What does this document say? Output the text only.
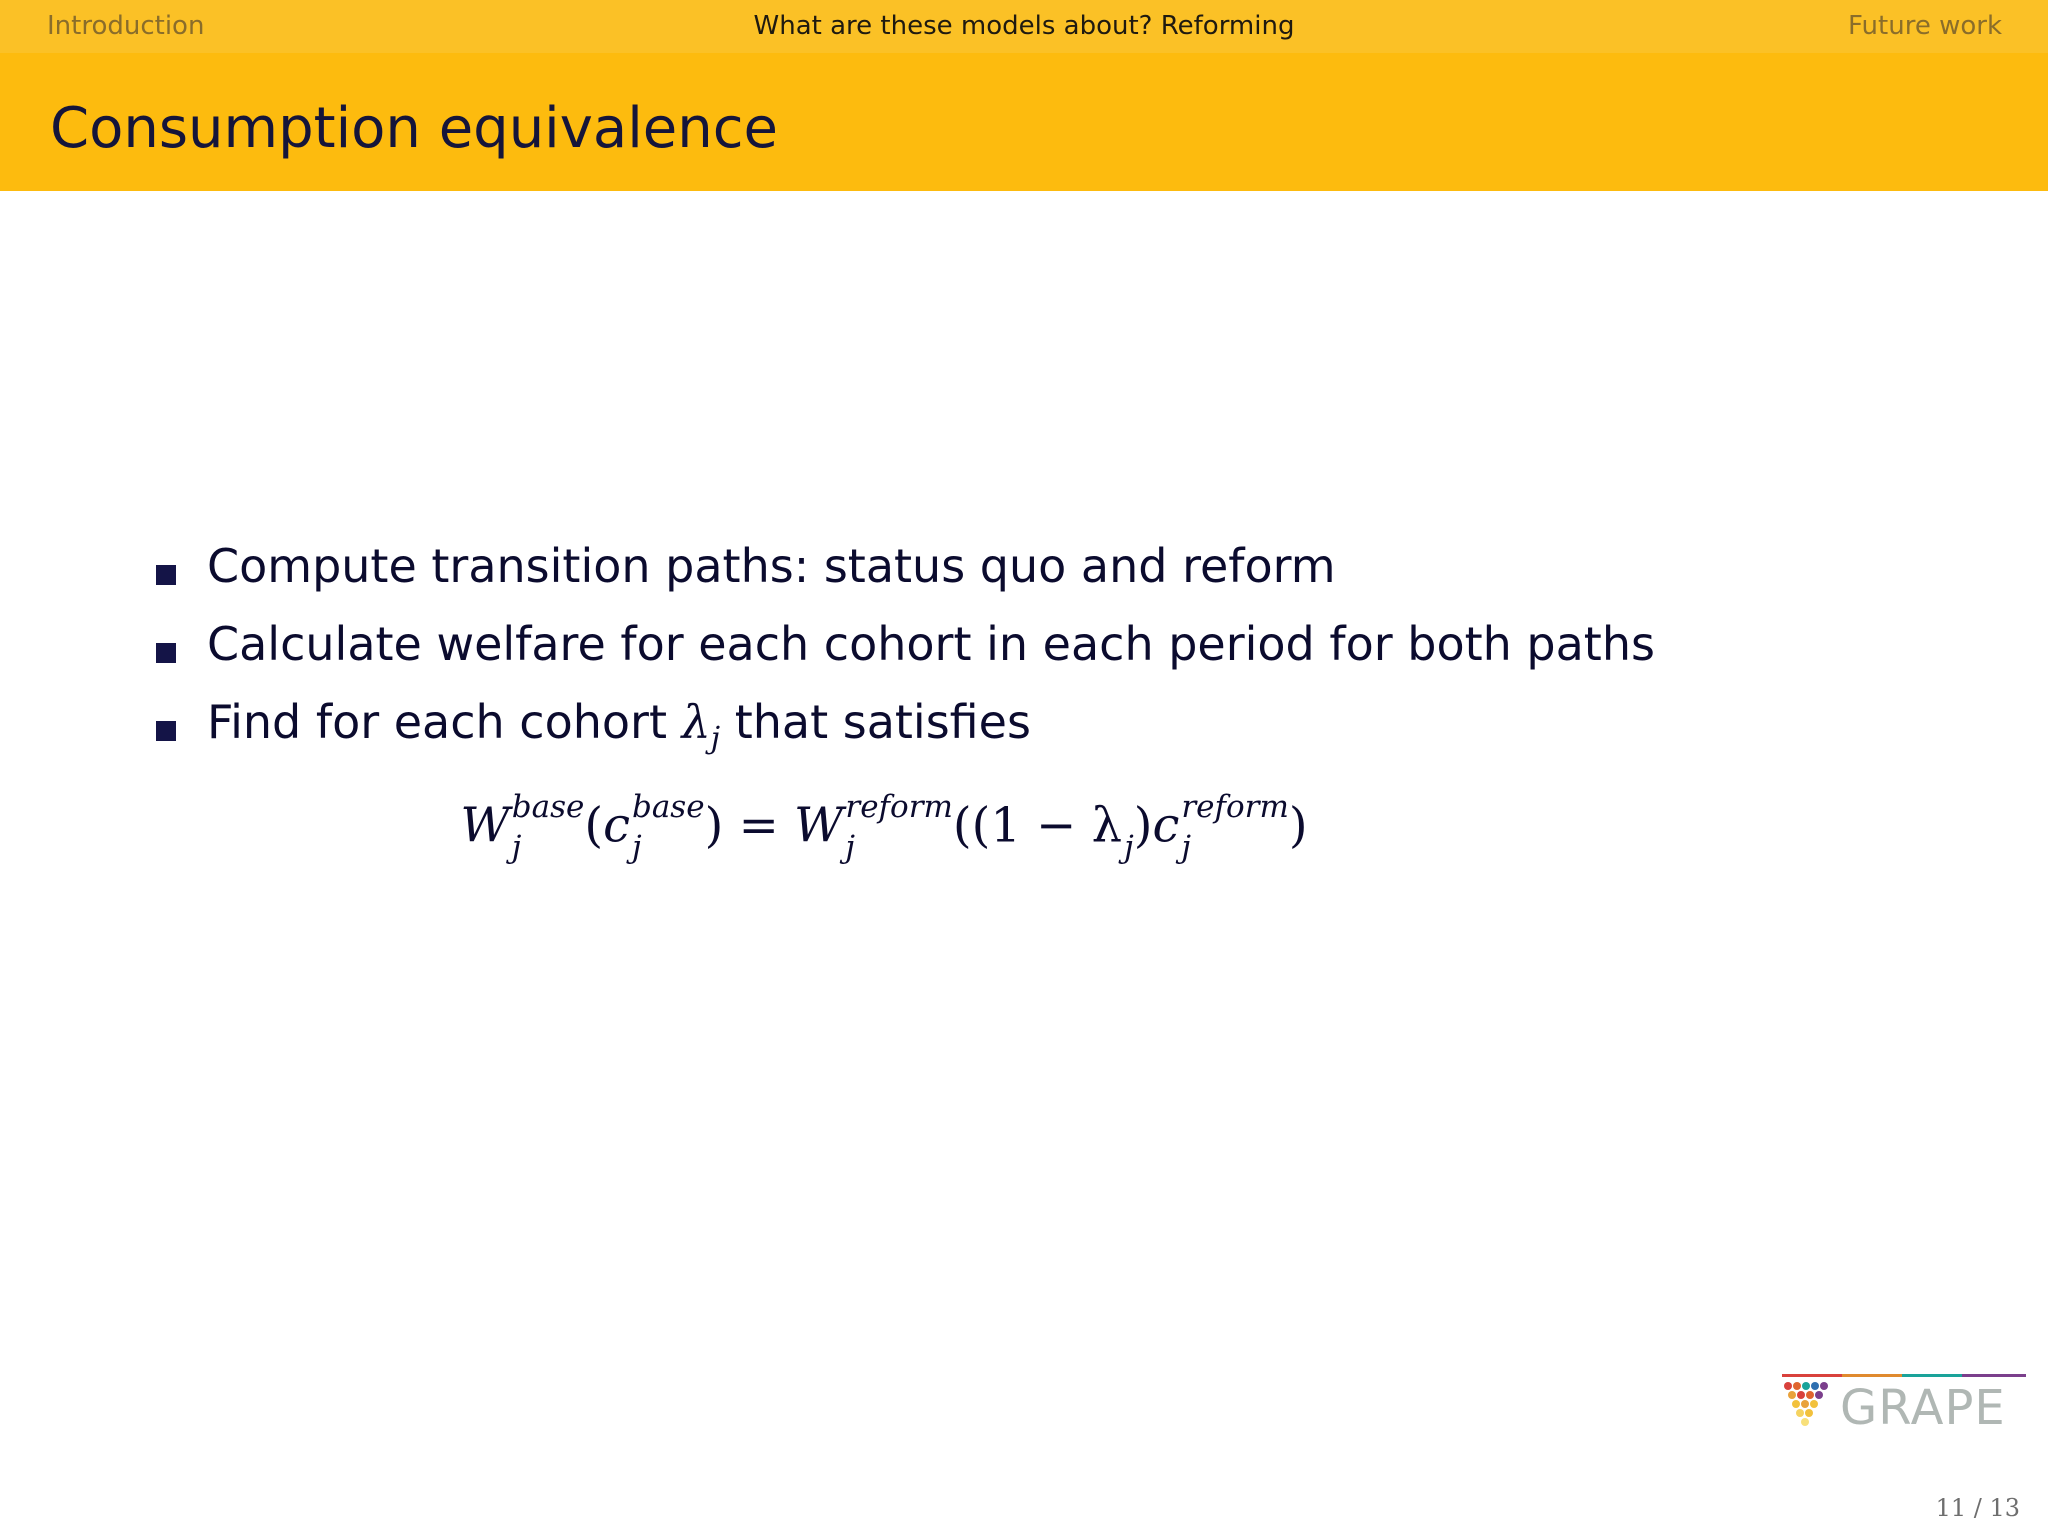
Introduction	What are these models about? Reforming	Future work
Consumption equivalence
Compute transition paths: status quo and reform
Calculate welfare for each cohort in each period for both paths
Find for each cohort $\lambda_j$ that satisfies
W base
j	(c base
j	) = W reform
j	((1 − λ j )c reform
j	)
GRAPE
11 / 13
